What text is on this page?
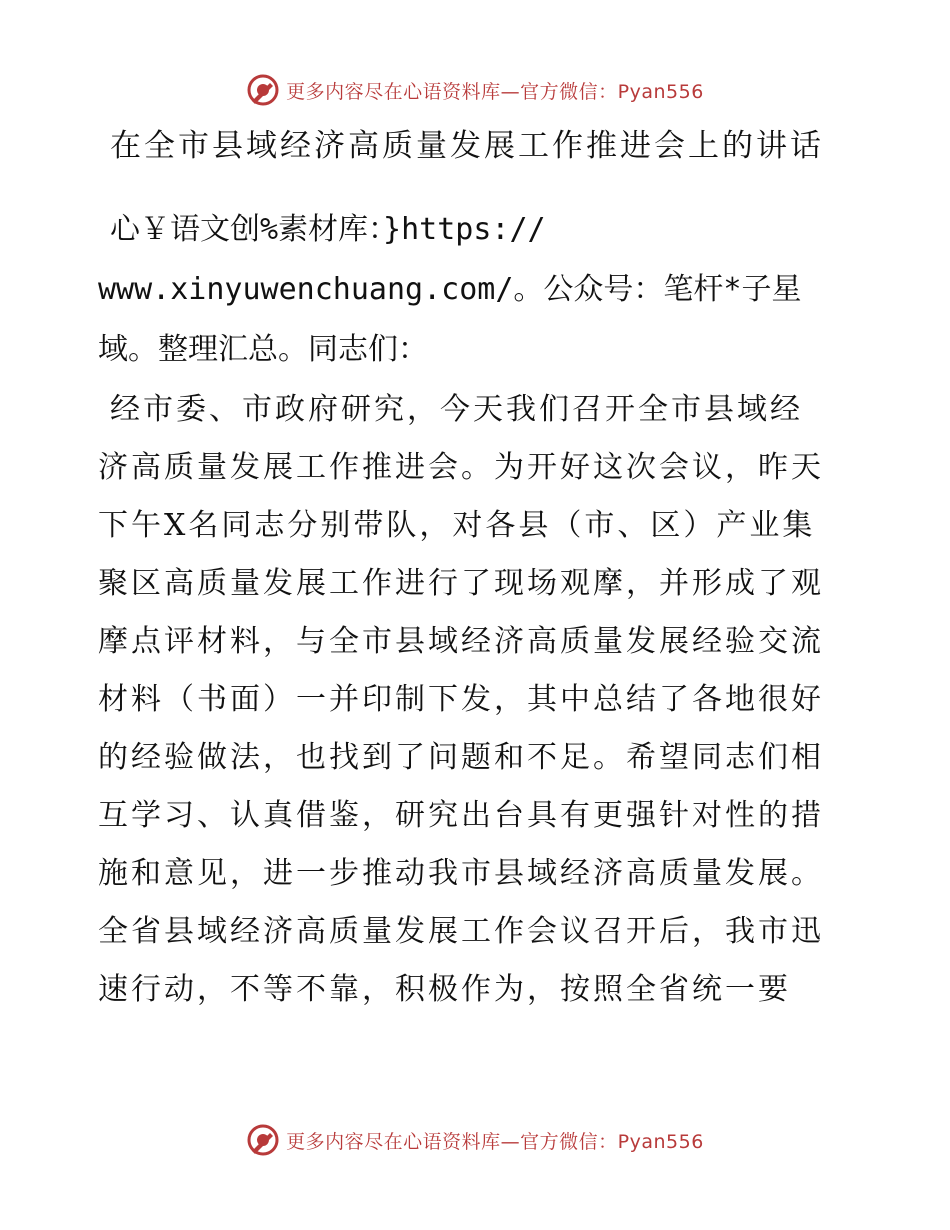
更多内容尽在心语资料库—官方微信：Pyan556
在全市县域经济高质量发展工作推进会上的讲话
心￥语文创%素材库：}https://
www.xinyuwenchuang.com/。公众号：笔杆*子星
域。整理汇总。同志们：
经市委、市政府研究，今天我们召开全市县域经
济高质量发展工作推进会。为开好这次会议，昨天
下午X名同志分别带队，对各县（市、区）产业集
聚区高质量发展工作进行了现场观摩，并形成了观
摩点评材料，与全市县域经济高质量发展经验交流
材料（书面）一并印制下发，其中总结了各地很好
的经验做法，也找到了问题和不足。希望同志们相
互学习、认真借鉴，研究出台具有更强针对性的措
施和意见，进一步推动我市县域经济高质量发展。
全省县域经济高质量发展工作会议召开后，我市迅
速行动，不等不靠，积极作为，按照全省统一要
更多内容尽在心语资料库—官方微信：Pyan556
